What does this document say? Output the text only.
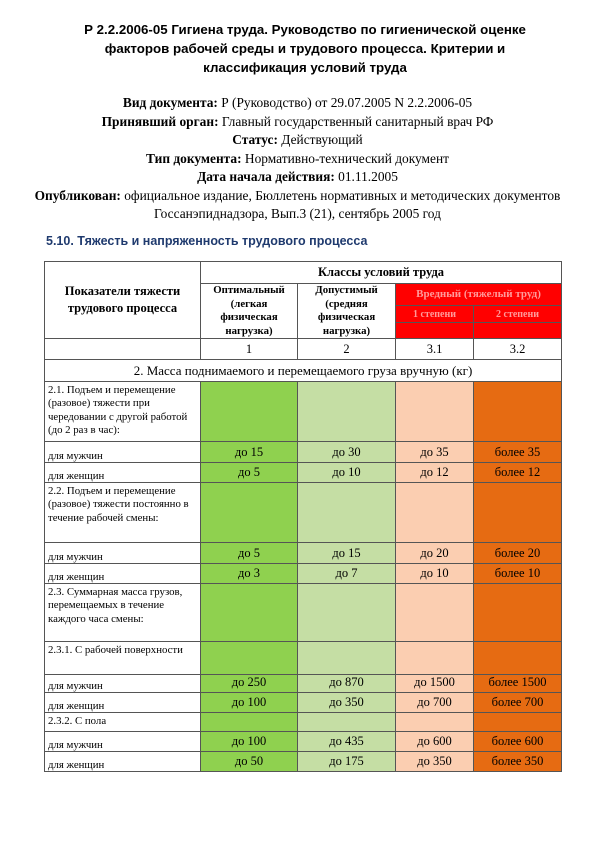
Р 2.2.2006-05 Гигиена труда. Руководство по гигиенической оценке факторов рабочей среды и трудового процесса. Критерии и классификация условий труда
Вид документа: Р (Руководство) от 29.07.2005 N 2.2.2006-05
Принявший орган: Главный государственный санитарный врач РФ
Статус: Действующий
Тип документа: Нормативно-технический документ
Дата начала действия: 01.11.2005
Опубликован: официальное издание, Бюллетень нормативных и методических документов Госсанэпиднадзора, Вып.3 (21), сентябрь 2005 год
5.10. Тяжесть и напряженность трудового процесса
Показатели тяжести трудового процесса	Классы условий труда			
	Оптимальный (легкая физическая нагрузка)	Допустимый (средняя физическая нагрузка)	Вредный (тяжелый труд)	
			1 степени	2 степени

	1	2	3.1	3.2
2. Масса поднимаемого и перемещаемого груза вручную (кг)				
2.1. Подъем и перемещение (разовое) тяжести при чередовании с другой работой (до 2 раз в час):				
для мужчин	до 15	до 30	до 35	более 35
для женщин	до 5	до 10	до 12	более 12
2.2. Подъем и перемещение (разовое) тяжести постоянно в течение рабочей смены:				
для мужчин	до 5	до 15	до 20	более 20
для женщин	до 3	до 7	до 10	более 10
2.3. Суммарная масса грузов, перемещаемых в течение каждого часа смены:				
2.3.1. С рабочей поверхности				
для мужчин	до 250	до 870	до 1500	более 1500
для женщин	до 100	до 350	до 700	более 700
2.3.2. С пола				
для мужчин	до 100	до 435	до 600	более 600
для женщин	до 50	до 175	до 350	более 350
